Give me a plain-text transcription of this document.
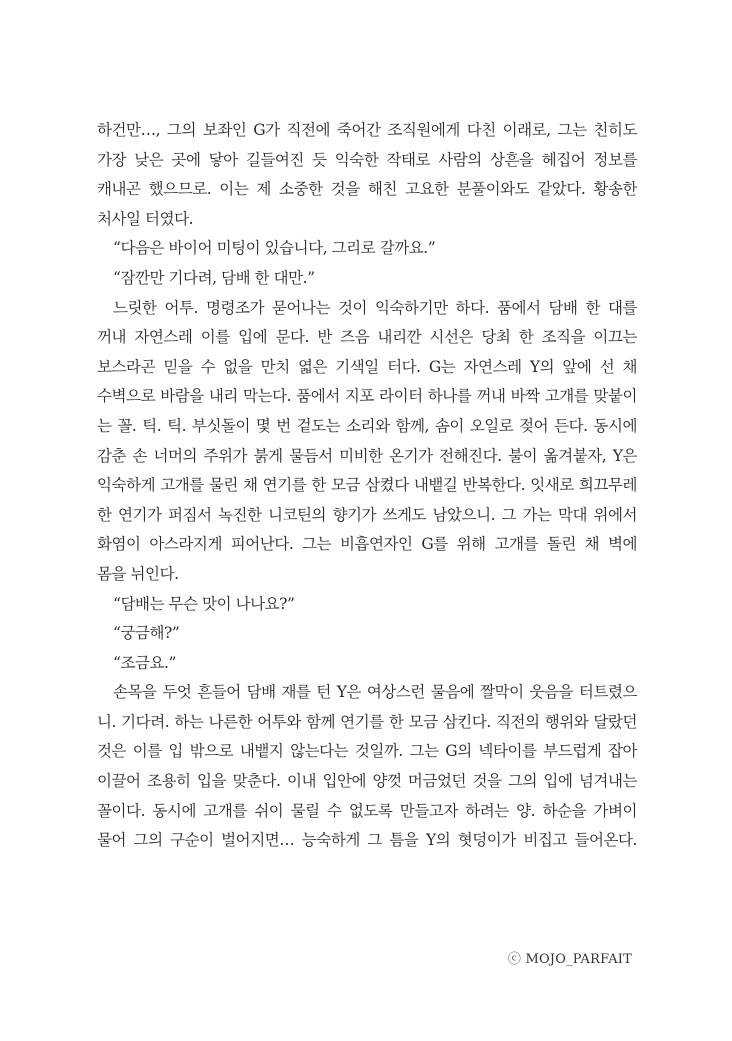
하건만…, 그의 보좌인 G가 직전에 죽어간 조직원에게 다친 이래로, 그는 친히도
가장 낮은 곳에 닿아 길들여진 듯 익숙한 작태로 사람의 상흔을 헤집어 정보를
캐내곤 했으므로. 이는 제 소중한 것을 해친 고요한 분풀이와도 같았다. 황송한
처사일 터였다.
“다음은 바이어 미팅이 있습니다, 그리로 갈까요.”
“잠깐만 기다려, 담배 한 대만.”
느릿한 어투. 명령조가 묻어나는 것이 익숙하기만 하다. 품에서 담배 한 대를
꺼내 자연스레 이를 입에 문다. 반 즈음 내리깐 시선은 당최 한 조직을 이끄는
보스라곤 믿을 수 없을 만치 엷은 기색일 터다. G는 자연스레 Y의 앞에 선 채
수벽으로 바람을 내리 막는다. 품에서 지포 라이터 하나를 꺼내 바짝 고개를 맞붙이
는 꼴. 틱. 틱. 부싯돌이 몇 번 겉도는 소리와 함께, 솜이 오일로 젖어 든다. 동시에
감춘 손 너머의 주위가 붉게 물듬서 미비한 온기가 전해진다. 불이 옮겨붙자, Y은
익숙하게 고개를 물린 채 연기를 한 모금 삼켰다 내뱉길 반복한다. 잇새로 희끄무레
한 연기가 퍼짐서 녹진한 니코틴의 향기가 쓰게도 남았으니. 그 가는 막대 위에서
화염이 아스라지게 피어난다. 그는 비흡연자인 G를 위해 고개를 돌린 채 벽에
몸을 뉘인다.
“담배는 무슨 맛이 나나요?”
“궁금해?”
“조금요.”
손목을 두엇 흔들어 담배 재를 턴 Y은 여상스런 물음에 짤막이 웃음을 터트렸으
니. 기다려. 하는 나른한 어투와 함께 연기를 한 모금 삼킨다. 직전의 행위와 달랐던
것은 이를 입 밖으로 내뱉지 않는다는 것일까. 그는 G의 넥타이를 부드럽게 잡아
이끌어 조용히 입을 맞춘다. 이내 입안에 양껏 머금었던 것을 그의 입에 넘겨내는
꼴이다. 동시에 고개를 쉬이 물릴 수 없도록 만들고자 하려는 양. 하순을 가벼이
물어 그의 구순이 벌어지면… 능숙하게 그 틈을 Y의 혓덩이가 비집고 들어온다.
ⓒ MOJO_PARFAIT
